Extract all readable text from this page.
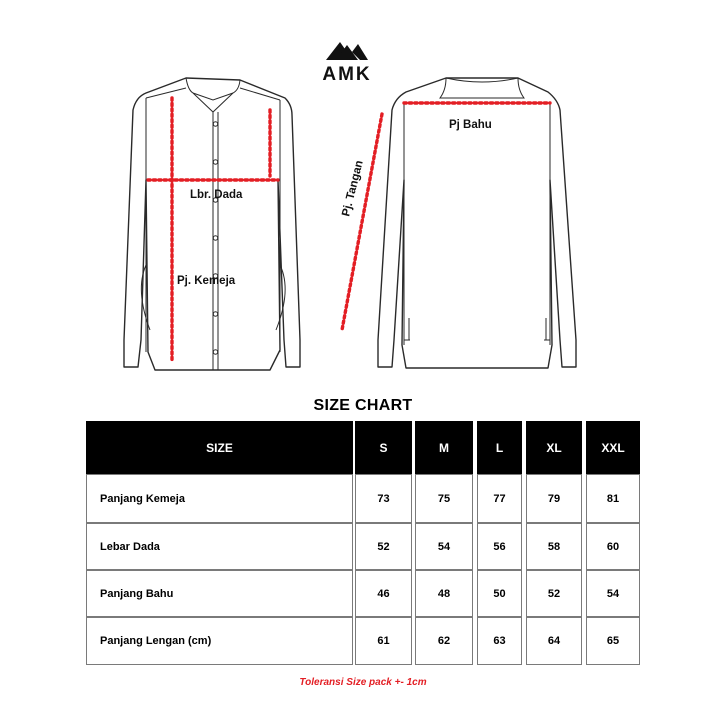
AMK
Lbr. Dada
Pj. Kemeja
Pj Bahu
Pj. Tangan
SIZE CHART
SIZE	S	M	L	XL	XXL
Panjang Kemeja	73	75	77	79	81
Lebar Dada	52	54	56	58	60
Panjang Bahu	46	48	50	52	54
Panjang Lengan (cm)	61	62	63	64	65
Toleransi Size pack +- 1cm
